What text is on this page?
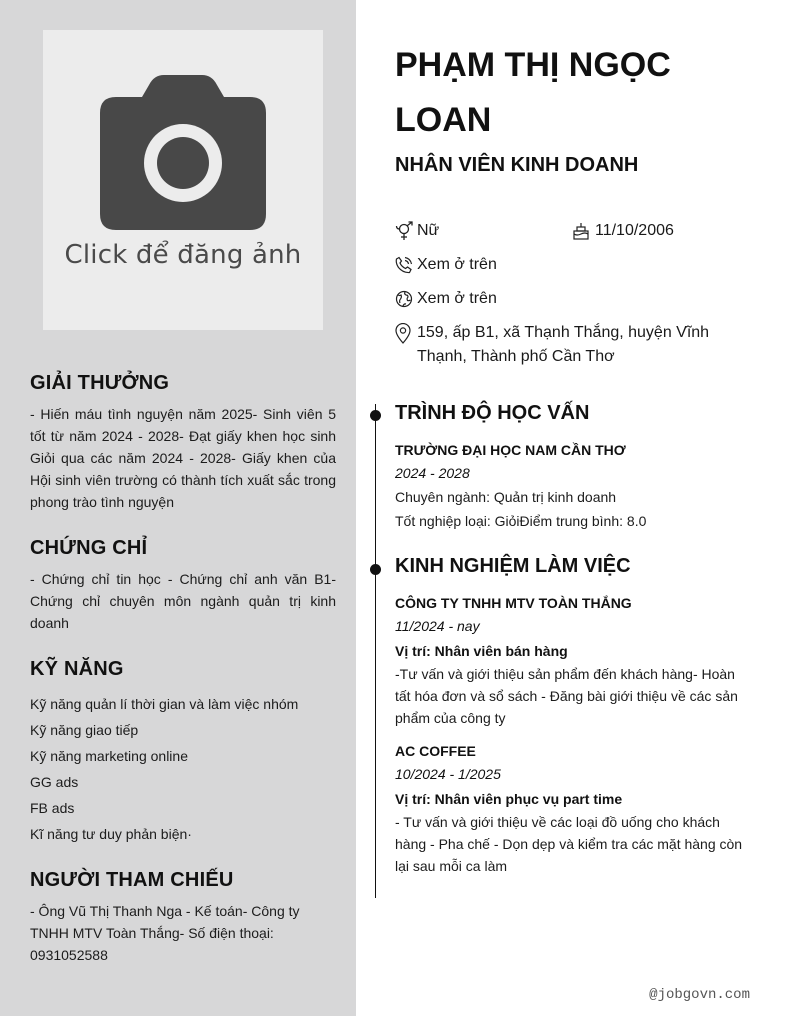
Click để đăng ảnh
GIẢI THƯỞNG

- Hiến máu tình nguyện năm 2025- Sinh viên 5 tốt từ năm 2024 - 2028- Đạt giấy khen học sinh Giỏi qua các năm 2024 - 2028- Giấy khen của Hội sinh viên trường có thành tích xuất sắc trong phong trào tình nguyện

CHỨNG CHỈ

- Chứng chỉ tin học - Chứng chỉ anh văn B1- Chứng chỉ chuyên môn ngành quản trị kinh doanh

KỸ NĂNG
Kỹ năng quản lí thời gian và làm việc nhóm
Kỹ năng giao tiếp
Kỹ năng marketing online
GG ads
FB ads
Kĩ năng tư duy phản biện·
NGƯỜI THAM CHIẾU

- Ông Vũ Thị Thanh Nga - Kế toán- Công ty TNHH MTV Toàn Thắng- Số điện thoại: 0931052588

PHẠM THỊ NGỌC LOAN
NHÂN VIÊN KINH DOANH
Nữ	11/10/2006
Xem ở trên
Xem ở trên
159, ấp B1, xã Thạnh Thắng, huyện Vĩnh Thạnh, Thành phố Cần Thơ
TRÌNH ĐỘ HỌC VẤN
TRƯỜNG ĐẠI HỌC NAM CẦN THƠ
2024 - 2028
Chuyên ngành: Quản trị kinh doanh
Tốt nghiệp loại: GiỏiĐiểm trung bình: 8.0
KINH NGHIỆM LÀM VIỆC
CÔNG TY TNHH MTV TOÀN THẮNG
11/2024 - nay
Vị trí: Nhân viên bán hàng
-Tư vấn và giới thiệu sản phẩm đến khách hàng- Hoàn tất hóa đơn và sổ sách - Đăng bài giới thiệu về các sản phẩm của công ty
AC COFFEE
10/2024 - 1/2025
Vị trí: Nhân viên phục vụ part time
- Tư vấn và giới thiệu về các loại đồ uống cho khách hàng - Pha chế - Dọn dẹp và kiểm tra các mặt hàng còn lại sau mỗi ca làm
@jobgovn.com
